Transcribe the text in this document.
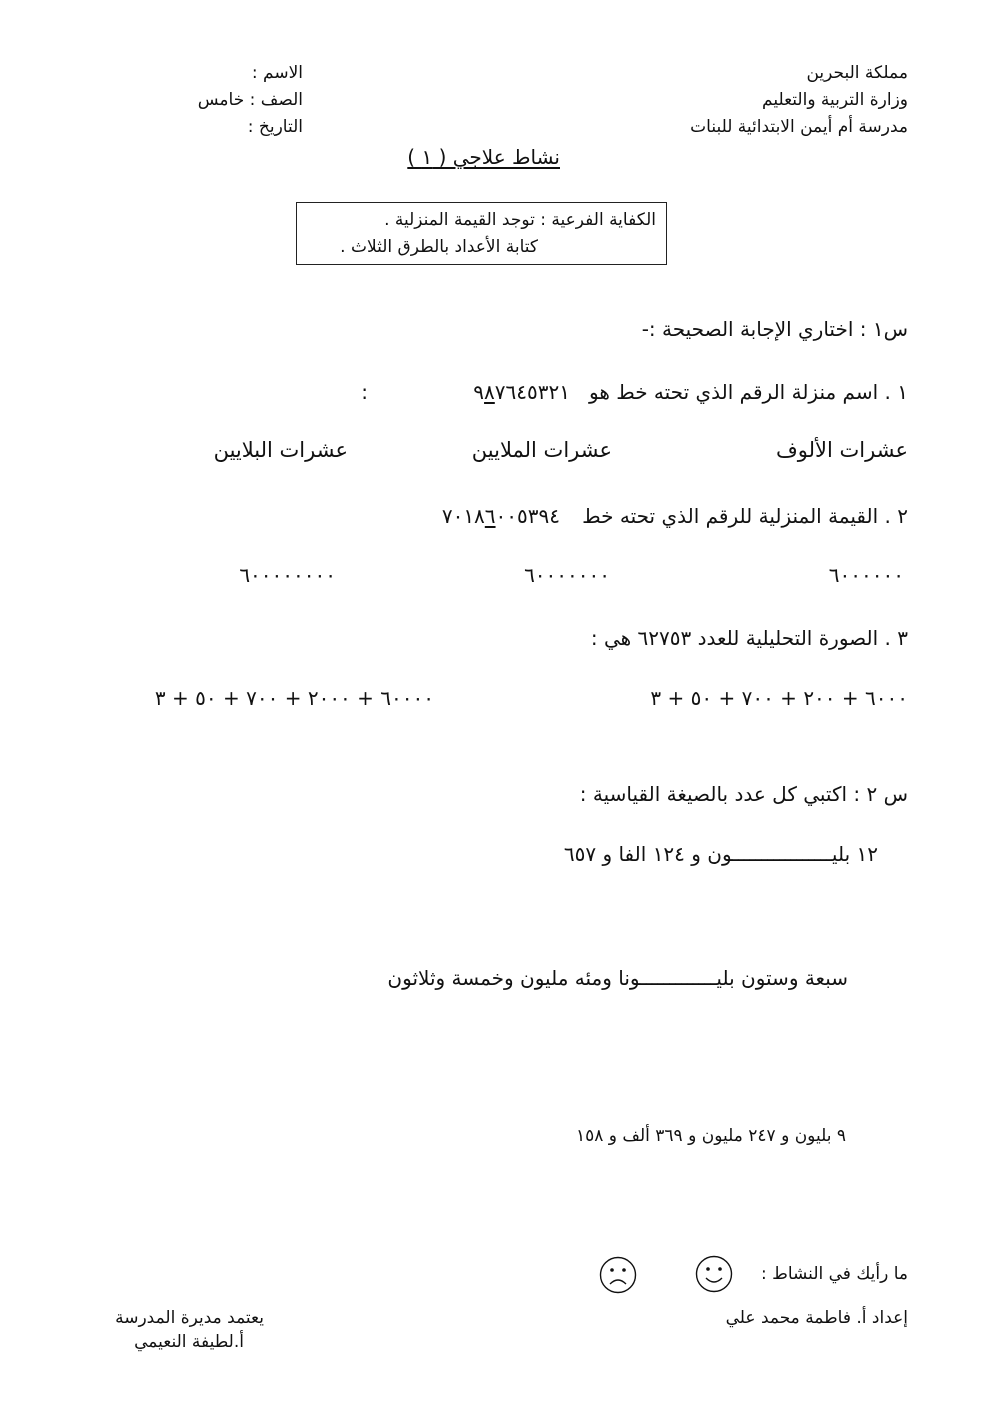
مملكة البحرين
وزارة التربية والتعليم
مدرسة أم أيمن الابتدائية للبنات
الاسم :
الصف : خامس
التاريخ :
نشاط علاجي ( ١ )
الكفاية الفرعية : توجد القيمة المنزلية .
كتابة الأعداد بالطرق الثلاث .
س١ : اختاري الإجابة الصحيحة :-
١ . اسم منزلة الرقم الذي تحته خط هو
٩٨٧٦٤٥٣٢١
:
عشرات الألوف
عشرات الملايين
عشرات البلايين
٢ . القيمة المنزلية للرقم الذي تحته خط
٧٠١٨٦٠٠٥٣٩٤
٦٠٠٠٠٠٠
٦٠٠٠٠٠٠٠
٦٠٠٠٠٠٠٠٠
٣ . الصورة التحليلية للعدد ٦٢٧٥٣ هي :
٦٠٠٠ + ٢٠٠ + ٧٠٠ + ٥٠ + ٣
٦٠٠٠٠ + ٢٠٠٠ + ٧٠٠ + ٥٠ + ٣
س ٢ : اكتبي كل عدد بالصيغة القياسية :
١٢ بليـــــــــــــــــون و ١٢٤ الفا و ٦٥٧
سبعة وستون بليـــــــــــــونا ومئه مليون وخمسة وثلاثون
٩ بليون و ٢٤٧ مليون و ٣٦٩ ألف و ١٥٨
ما رأيك في النشاط :
إعداد أ. فاطمة محمد علي
يعتمد مديرة المدرسة
أ.لطيفة النعيمي
